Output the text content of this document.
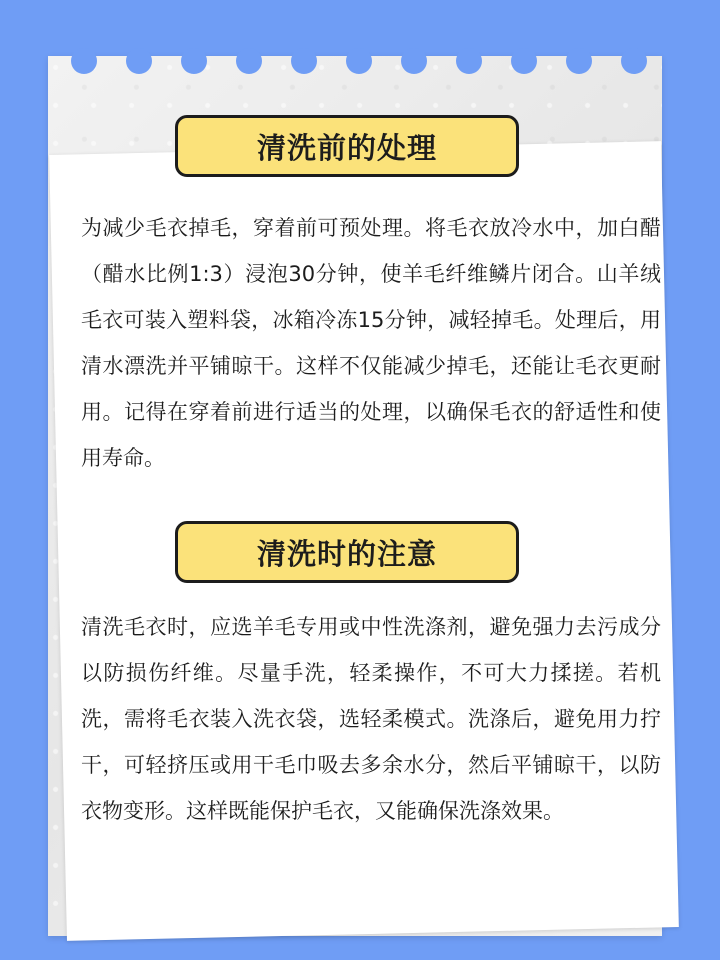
清洗前的处理
为减少毛衣掉毛，穿着前可预处理。将毛衣放冷水中，加白醋（醋水比例1:3）浸泡30分钟，使羊毛纤维鳞片闭合。山羊绒毛衣可装入塑料袋，冰箱冷冻15分钟，减轻掉毛。处理后，用清水漂洗并平铺晾干。这样不仅能减少掉毛，还能让毛衣更耐用。记得在穿着前进行适当的处理，以确保毛衣的舒适性和使用寿命。
清洗时的注意
清洗毛衣时，应选羊毛专用或中性洗涤剂，避免强力去污成分以防损伤纤维。尽量手洗，轻柔操作，不可大力揉搓。若机洗，需将毛衣装入洗衣袋，选轻柔模式。洗涤后，避免用力拧干，可轻挤压或用干毛巾吸去多余水分，然后平铺晾干，以防衣物变形。这样既能保护毛衣，又能确保洗涤效果。
